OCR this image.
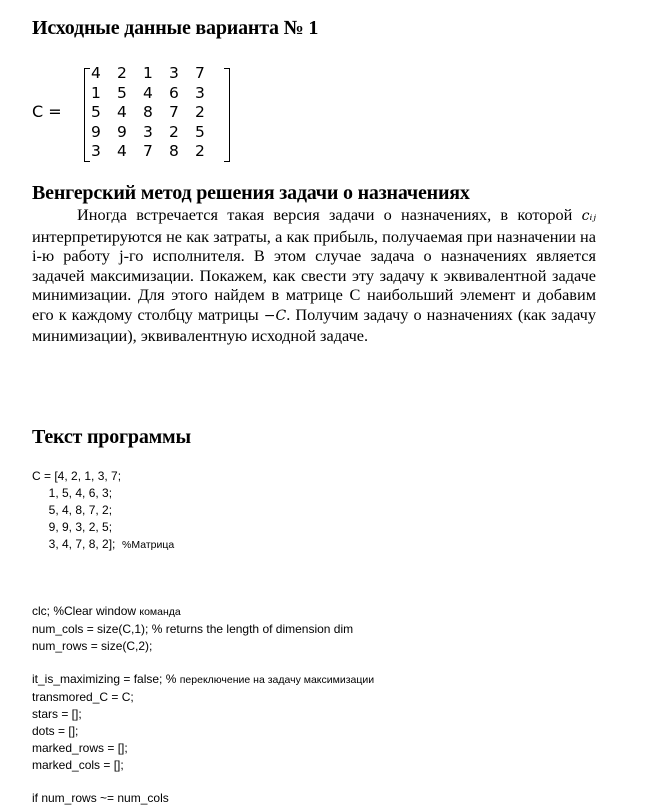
Исходные данные варианта № 1
C =
4	2	1	3	7
1	5	4	6	3
5	4	8	7	2
9	9	3	2	5
3	4	7	8	2
Венгерский метод решения задачи о назначениях

Иногда встречается такая версия задачи о назначениях, в которой cᵢⱼ интерпретируются не как затраты, а как прибыль, получаемая при назначении на i-ю работу j-го исполнителя. В этом случае задача о назначениях является задачей максимизации. Покажем, как свести эту задачу к эквивалентной задаче минимизации. Для этого найдем в матрице С наибольший элемент и добавим его к каждому столбцу матрицы −C. Получим задачу о назначениях (как задачу минимизации), эквивалентную исходной задаче.

Текст программы
C = [4, 2, 1, 3, 7;
1, 5, 4, 6, 3;
5, 4, 8, 7, 2;
9, 9, 3, 2, 5;
3, 4, 7, 8, 2];  %Матрица
clc; %Clear window команда
num_cols = size(C,1); % returns the length of dimension dim
num_rows = size(C,2);
it_is_maximizing = false; % переключение на задачу максимизации
transmored_C = C;
stars = [];
dots = [];
marked_rows = [];
marked_cols = [];
if num_rows ~= num_cols
